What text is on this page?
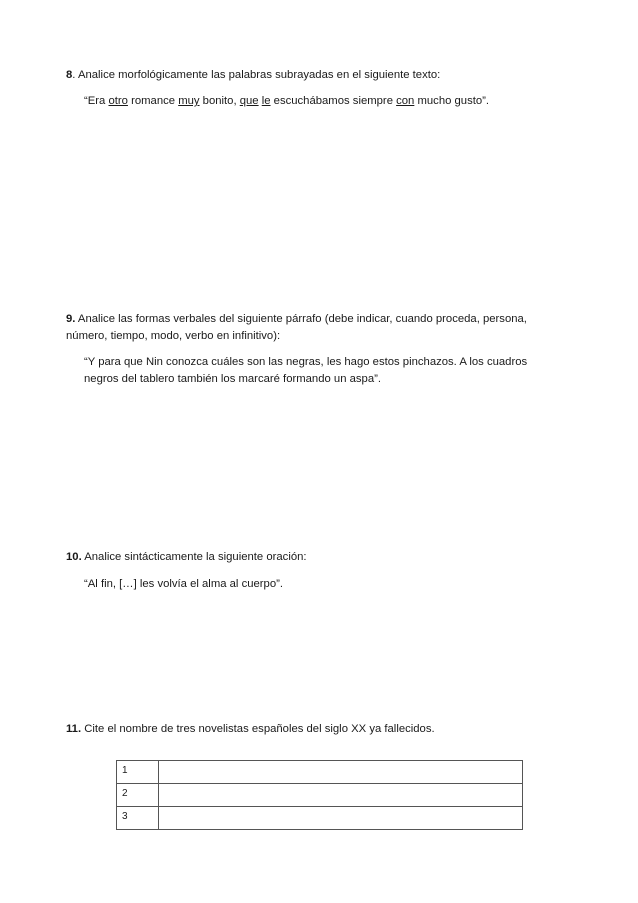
8. Analice morfológicamente las palabras subrayadas en el siguiente texto:
“Era otro romance muy bonito, que le escuchábamos siempre con mucho gusto”.
9. Analice las formas verbales del siguiente párrafo (debe indicar, cuando proceda, persona, número, tiempo, modo, verbo en infinitivo):
“Y para que Nin conozca cuáles son las negras, les hago estos pinchazos. A los cuadros negros del tablero también los marcaré formando un aspa”.
10. Analice sintácticamente la siguiente oración:
“Al fin, […] les volvía el alma al cuerpo”.
11. Cite el nombre de tres novelistas españoles del siglo XX ya fallecidos.
1	
2	
3	
